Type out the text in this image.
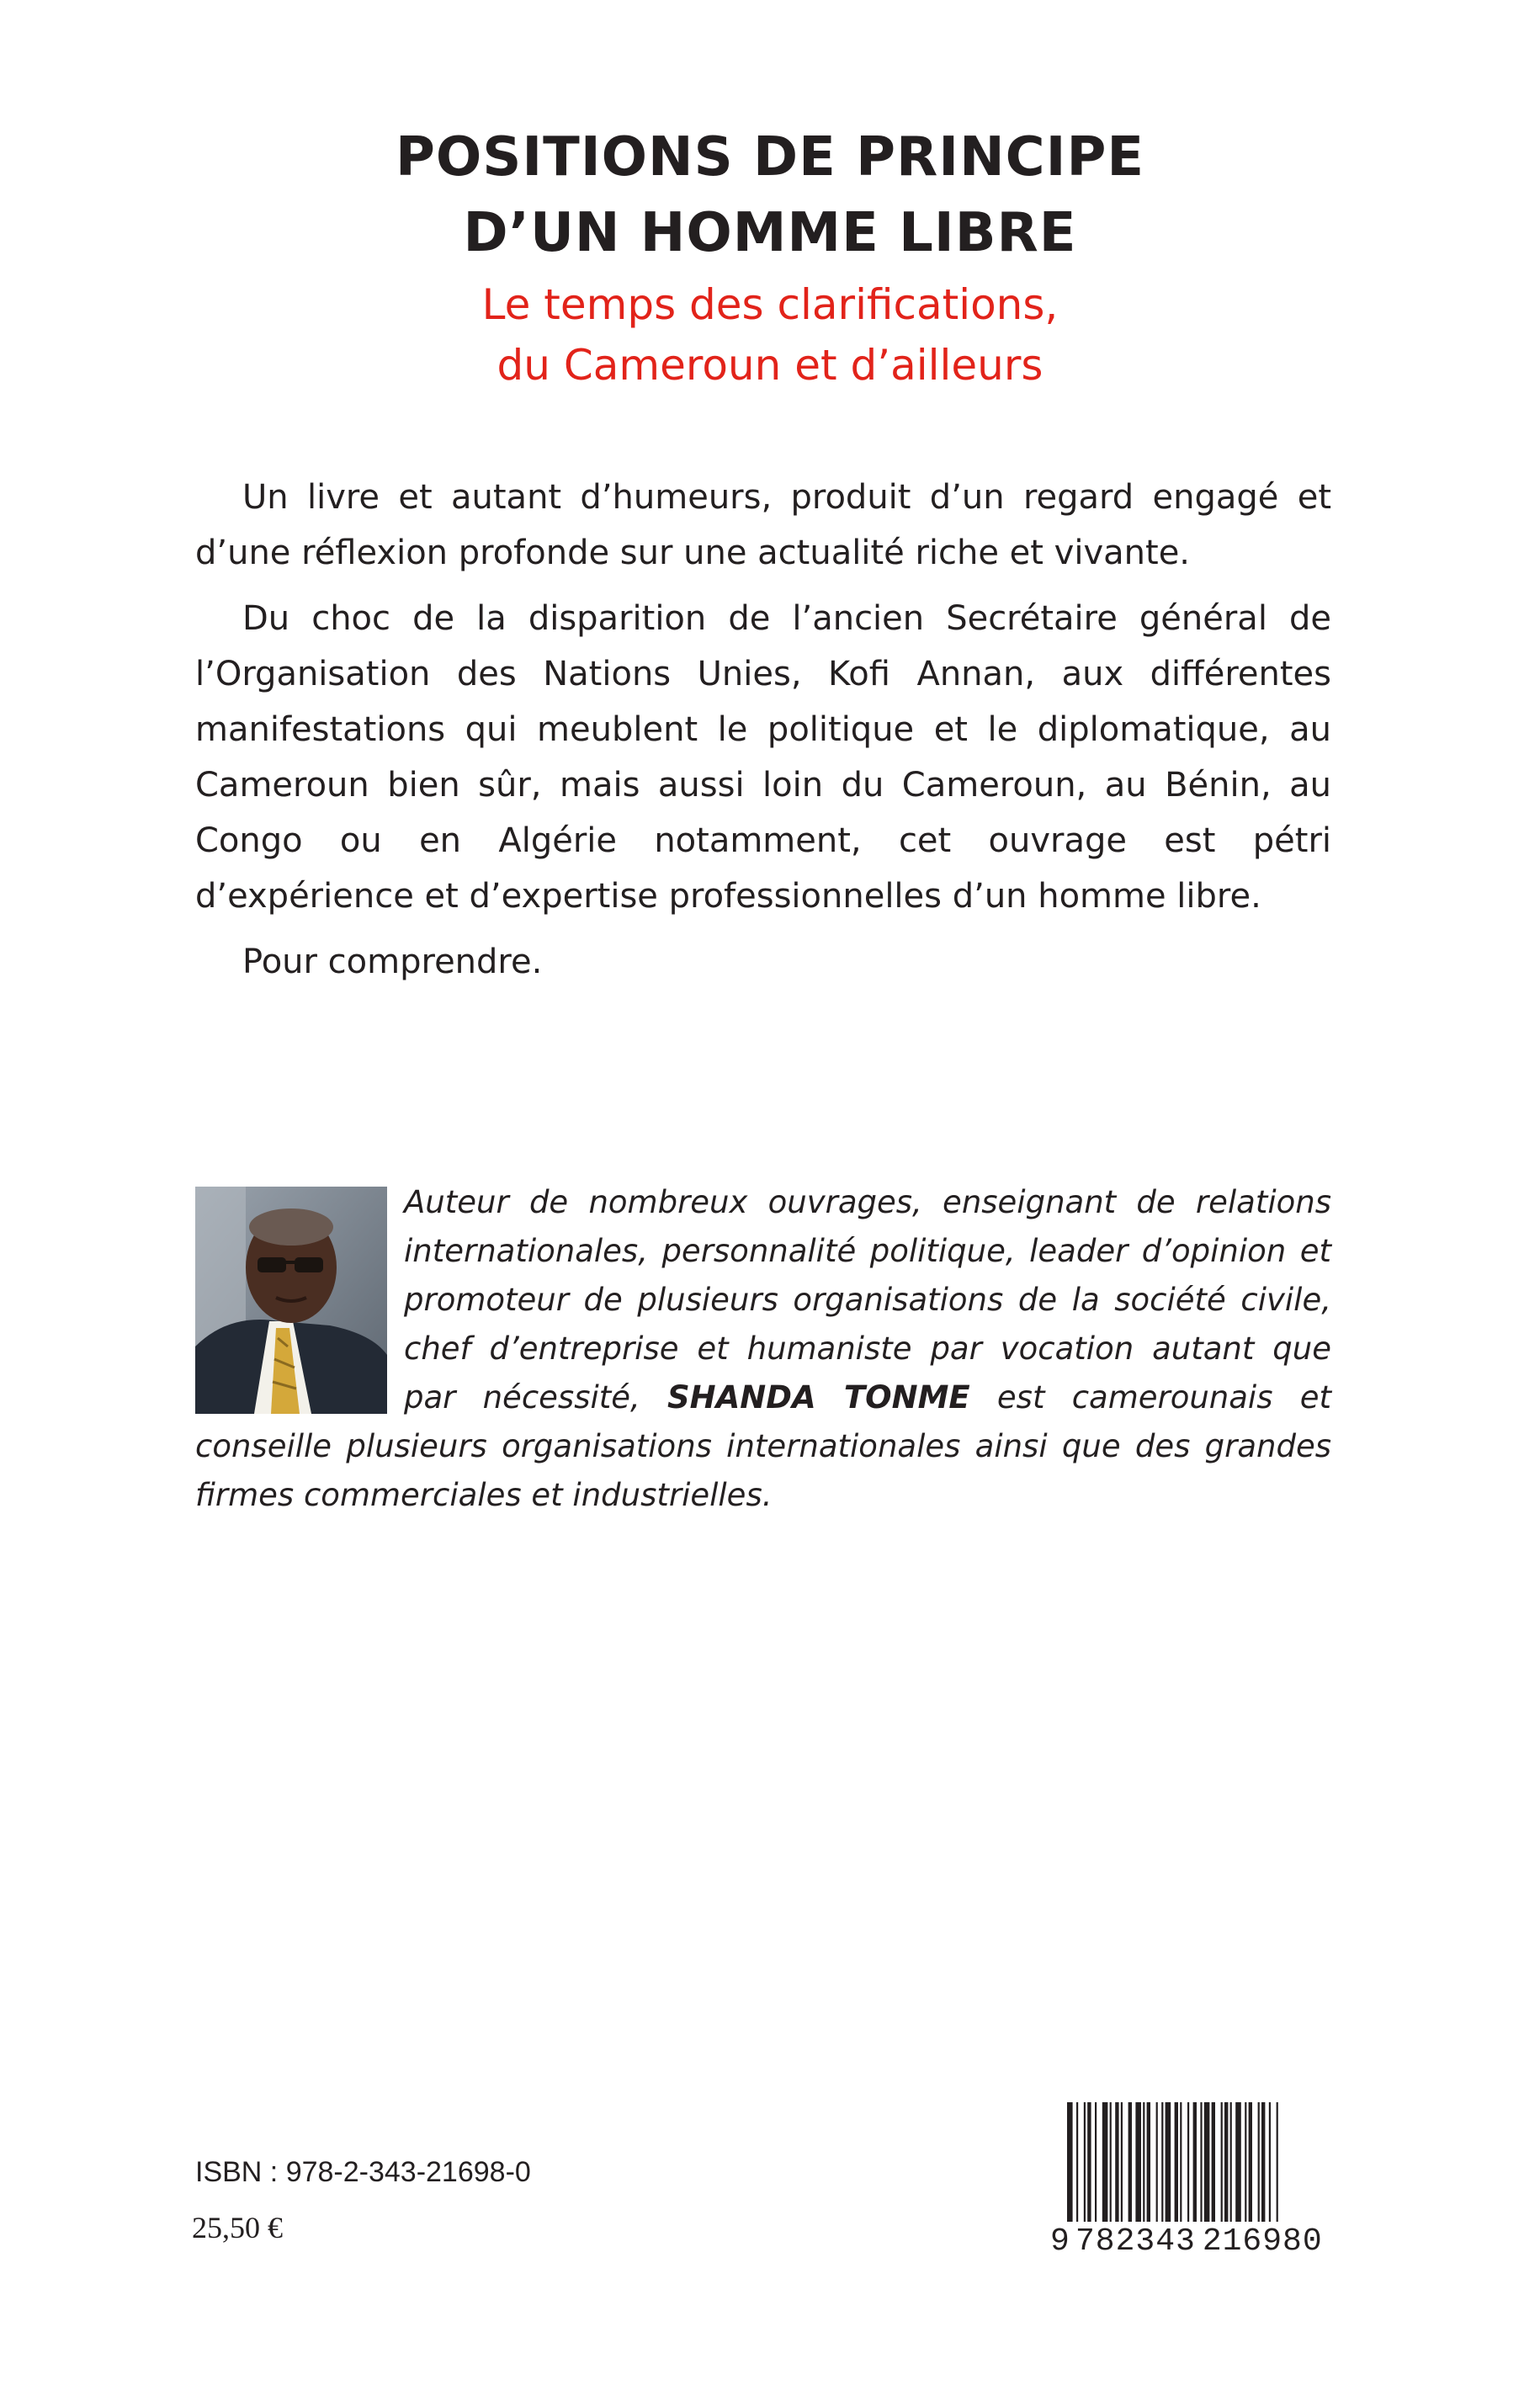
POSITIONS DE PRINCIPE
D’UN HOMME LIBRE
Le temps des clarifications,
du Cameroun et d’ailleurs

Un livre et autant d’humeurs, produit d’un regard engagé et d’une réflexion profonde sur une actualité riche et vivante.

Du choc de la disparition de l’ancien Secrétaire général de l’Organisation des Nations Unies, Kofi Annan, aux différentes manifestations qui meublent le politique et le diplomatique, au Cameroun bien sûr, mais aussi loin du Cameroun, au Bénin, au Congo ou en Algérie notamment, cet ouvrage est pétri d’expérience et d’expertise professionnelles d’un homme libre.

Pour comprendre.

Auteur de nombreux ouvrages, enseignant de relations internationales, personnalité politique, leader d’opinion et promoteur de plusieurs organisations de la société civile, chef d’entreprise et humaniste par vocation autant que par nécessité, SHANDA TONME est camerounais et conseille plusieurs organisations internationales ainsi que des grandes firmes commerciales et industrielles.
ISBN : 978-2-343-21698-0
25,50 €	9 782343 216980
